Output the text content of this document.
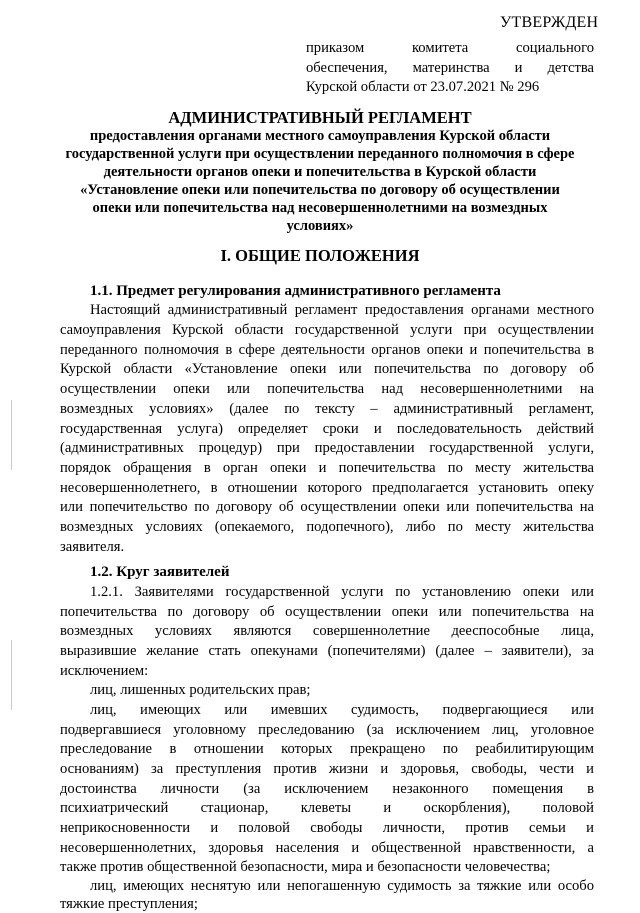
УТВЕРЖДЕН
приказом комитета социального
обеспечения, материнства и детства
Курской области от 23.07.2021 № 296
АДМИНИСТРАТИВНЫЙ РЕГЛАМЕНТ
предоставления органами местного самоуправления Курской области
государственной услуги при осуществлении переданного полномочия в сфере
деятельности органов опеки и попечительства в Курской области
«Установление опеки или попечительства по договору об осуществлении
опеки или попечительства над несовершеннолетними на возмездных
условиях»
I. ОБЩИЕ ПОЛОЖЕНИЯ
1.1. Предмет регулирования административного регламента
Настоящий административный регламент предоставления органами местного
самоуправления Курской области государственной услуги при осуществлении
переданного полномочия в сфере деятельности органов опеки и попечительства в
Курской области «Установление опеки или попечительства по договору об
осуществлении опеки или попечительства над несовершеннолетними на
возмездных условиях» (далее по тексту – административный регламент,
государственная услуга) определяет сроки и последовательность действий
(административных процедур) при предоставлении государственной услуги,
порядок обращения в орган опеки и попечительства по месту жительства
несовершеннолетнего, в отношении которого предполагается установить опеку
или попечительство по договору об осуществлении опеки или попечительства на
возмездных условиях (опекаемого, подопечного), либо по месту жительства
заявителя.
1.2. Круг заявителей
1.2.1. Заявителями государственной услуги по установлению опеки или
попечительства по договору об осуществлении опеки или попечительства на
возмездных условиях являются совершеннолетние дееспособные лица,
выразившие желание стать опекунами (попечителями) (далее – заявители), за
исключением:
лиц, лишенных родительских прав;
лиц, имеющих или имевших судимость, подвергающиеся или
подвергавшиеся уголовному преследованию (за исключением лиц, уголовное
преследование в отношении которых прекращено по реабилитирующим
основаниям) за преступления против жизни и здоровья, свободы, чести и
достоинства личности (за исключением незаконного помещения в
психиатрический стационар, клеветы и оскорбления), половой
неприкосновенности и половой свободы личности, против семьи и
несовершеннолетних, здоровья населения и общественной нравственности, а
также против общественной безопасности, мира и безопасности человечества;
лиц, имеющих неснятую или непогашенную судимость за тяжкие или особо
тяжкие преступления;
